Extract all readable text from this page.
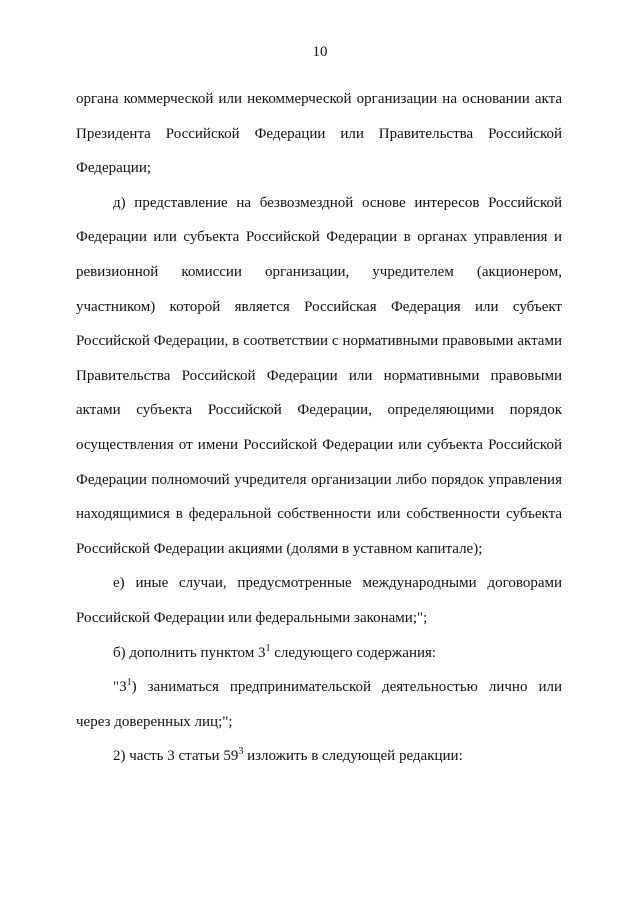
10

органа коммерческой или некоммерческой организации на основании акта Президента Российской Федерации или Правительства Российской Федерации;

д) представление на безвозмездной основе интересов Российской Федерации или субъекта Российской Федерации в органах управления и ревизионной комиссии организации, учредителем (акционером, участником) которой является Российская Федерация или субъект Российской Федерации, в соответствии с нормативными правовыми актами Правительства Российской Федерации или нормативными правовыми актами субъекта Российской Федерации, определяющими порядок осуществления от имени Российской Федерации или субъекта Российской Федерации полномочий учредителя организации либо порядок управления находящимися в федеральной собственности или собственности субъекта Российской Федерации акциями (долями в уставном капитале);

е) иные случаи, предусмотренные международными договорами Российской Федерации или федеральными законами;";

б) дополнить пунктом $3^1$ следующего содержания:

"$3^1$) заниматься предпринимательской деятельностью лично или через доверенных лиц;";

2) часть 3 статьи $59^3$ изложить в следующей редакции:
